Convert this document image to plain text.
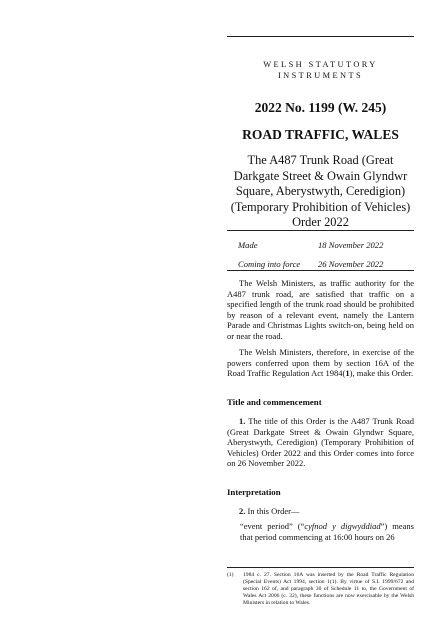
WELSH STATUTORY
INSTRUMENTS
2022 No. 1199 (W. 245)
ROAD TRAFFIC, WALES
The A487 Trunk Road (Great Darkgate Street & Owain Glyndwr Square, Aberystwyth, Ceredigion) (Temporary Prohibition of Vehicles) Order 2022
Made	18 November 2022
Coming into force 26 November 2022

The Welsh Ministers, as traffic authority for the A487 trunk road, are satisfied that traffic on a specified length of the trunk road should be prohibited by reason of a relevant event, namely the Lantern Parade and Christmas Lights switch-on, being held on or near the road.

The Welsh Ministers, therefore, in exercise of the powers conferred upon them by section 16A of the Road Traffic Regulation Act 1984(1), make this Order.

Title and commencement

1. The title of this Order is the A487 Trunk Road (Great Darkgate Street & Owain Glyndwr Square, Aberystwyth, Ceredigion) (Temporary Prohibition of Vehicles) Order 2022 and this Order comes into force on 26 November 2022.

Interpretation

2. In this Order—

“event period” (“cyfnod y digwyddiad”) means that period commencing at 16:00 hours on 26

(1) 1984 c. 27. Section 16A was inserted by the Road Traffic Regulation (Special Events) Act 1994, section 1(1). By virtue of S.I. 1999/672 and section 162 of, and paragraph 30 of Schedule 11 to, the Government of Wales Act 2006 (c. 32), these functions are now exercisable by the Welsh Ministers in relation to Wales.
